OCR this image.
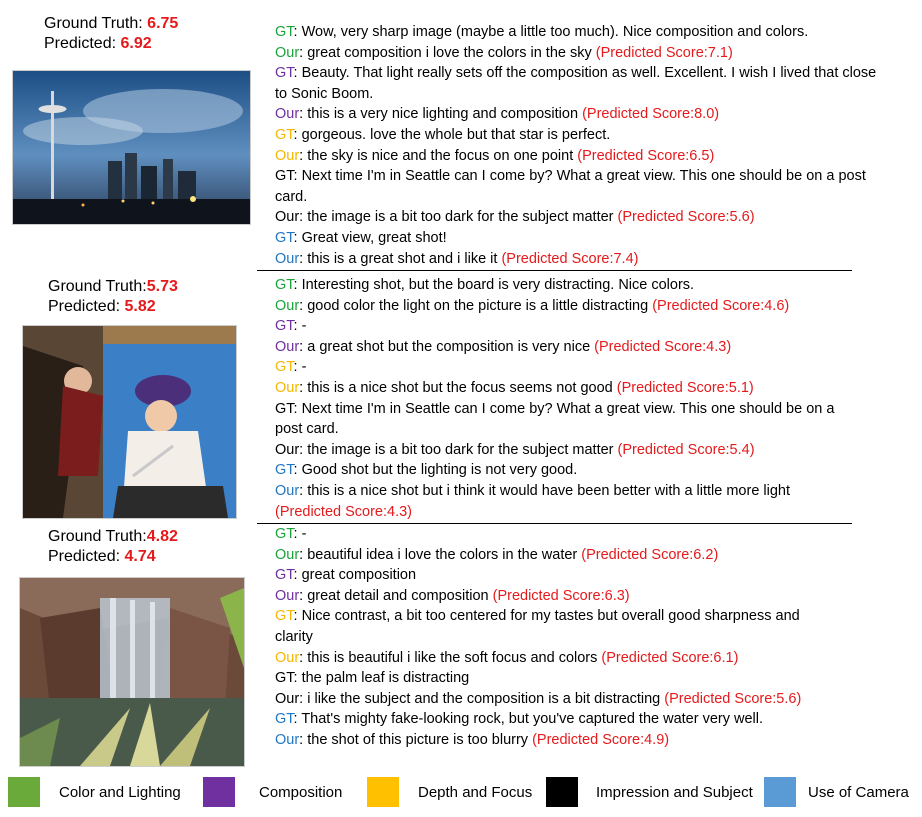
Ground Truth: 6.75
Predicted: 6.92
GT: Wow, very sharp image (maybe a little too much). Nice composition and colors.
Our: great composition i love the colors in the sky (Predicted Score:7.1)
GT: Beauty. That light really sets off the composition as well. Excellent. I wish I lived that close to Sonic Boom.
Our: this is a very nice lighting and composition (Predicted Score:8.0)
GT: gorgeous. love the whole but that star is perfect.
Our: the sky is nice and the focus on one point (Predicted Score:6.5)
GT: Next time I'm in Seattle can I come by? What a great view. This one should be on a post card.
Our: the image is a bit too dark for the subject matter (Predicted Score:5.6)
GT: Great view, great shot!
Our: this is a great shot and i like it (Predicted Score:7.4)
Ground Truth:5.73
Predicted: 5.82
GT: Interesting shot, but the board is very distracting. Nice colors.
Our: good color the light on the picture is a little distracting (Predicted Score:4.6)
GT: -
Our: a great shot but the composition is very nice (Predicted Score:4.3)
GT: -
Our: this is a nice shot but the focus seems not good (Predicted Score:5.1)
GT: Next time I'm in Seattle can I come by? What a great view. This one should be on a post card.
Our: the image is a bit too dark for the subject matter (Predicted Score:5.4)
GT: Good shot but the lighting is not very good.
Our: this is a nice shot but i think it would have been better with a little more light (Predicted Score:4.3)
Ground Truth:4.82
Predicted: 4.74
GT: -
Our: beautiful idea i love the colors in the water (Predicted Score:6.2)
GT: great composition
Our: great detail and composition (Predicted Score:6.3)
GT: Nice contrast, a bit too centered for my tastes but overall good sharpness and clarity
Our: this is beautiful i like the soft focus and colors (Predicted Score:6.1)
GT: the palm leaf is distracting
Our: i like the subject and the composition is a bit distracting (Predicted Score:5.6)
GT: That's mighty fake-looking rock, but you've captured the water very well.
Our: the shot of this picture is too blurry (Predicted Score:4.9)
Color and Lighting	Composition	Depth and Focus	Impression and Subject	Use of Camera
